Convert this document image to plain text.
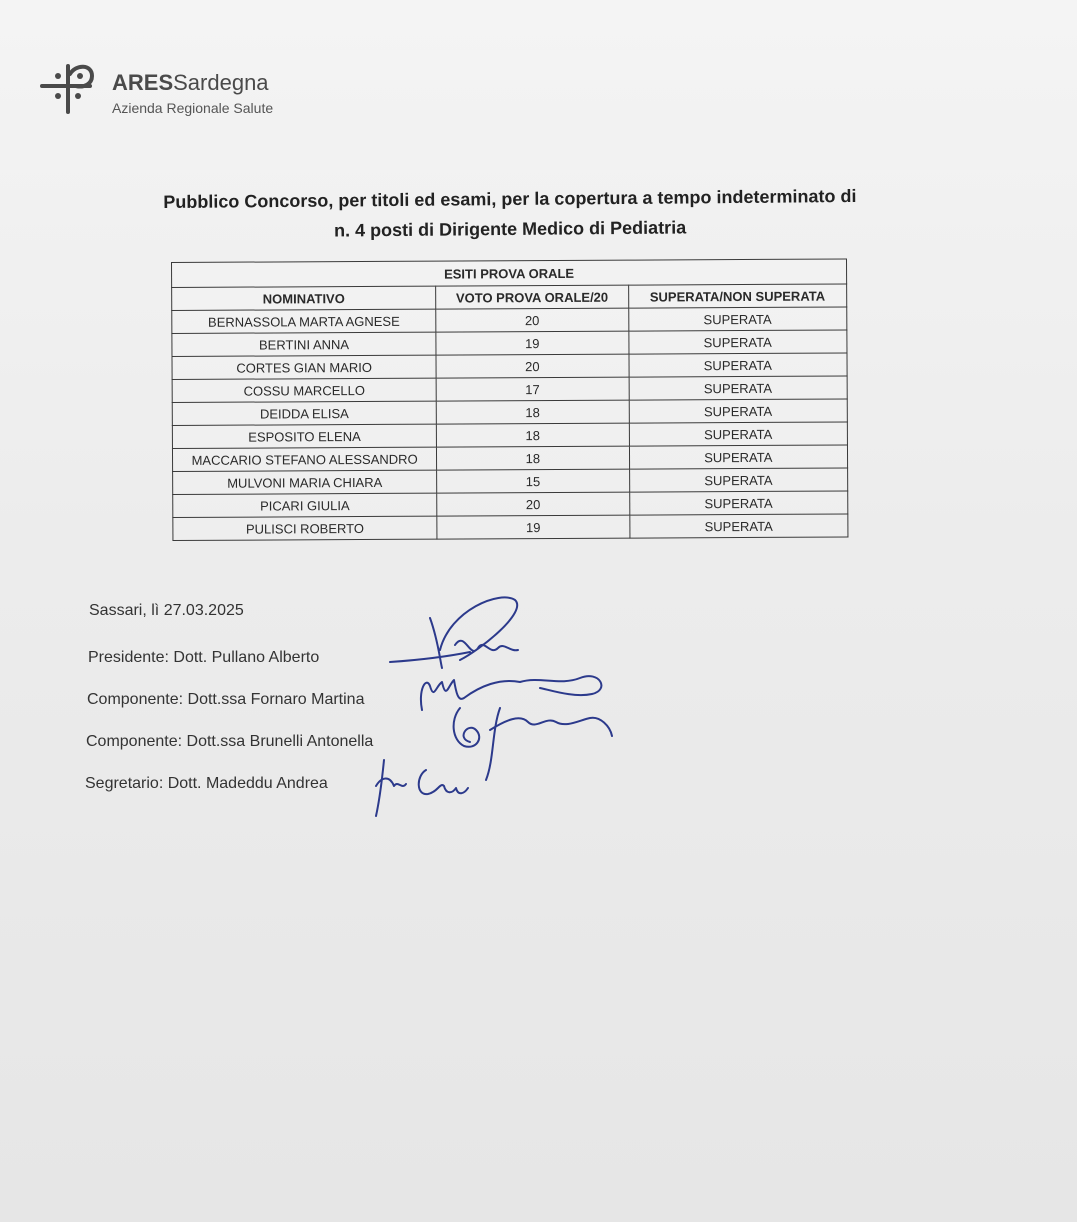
ARESSardegna
Azienda Regionale Salute
Pubblico Concorso, per titoli ed esami, per la copertura a tempo indeterminato di
n. 4 posti di Dirigente Medico di Pediatria
ESITI PROVA ORALE		
NOMINATIVO	VOTO PROVA ORALE/20	SUPERATA/NON SUPERATA
BERNASSOLA MARTA AGNESE	20	SUPERATA
BERTINI ANNA	19	SUPERATA
CORTES GIAN MARIO	20	SUPERATA
COSSU MARCELLO	17	SUPERATA
DEIDDA ELISA	18	SUPERATA
ESPOSITO ELENA	18	SUPERATA
MACCARIO STEFANO ALESSANDRO	18	SUPERATA
MULVONI MARIA CHIARA	15	SUPERATA
PICARI GIULIA	20	SUPERATA
PULISCI ROBERTO	19	SUPERATA
Sassari, lì 27.03.2025
Presidente: Dott. Pullano Alberto
Componente: Dott.ssa Fornaro Martina
Componente: Dott.ssa Brunelli Antonella
Segretario: Dott. Madeddu Andrea
